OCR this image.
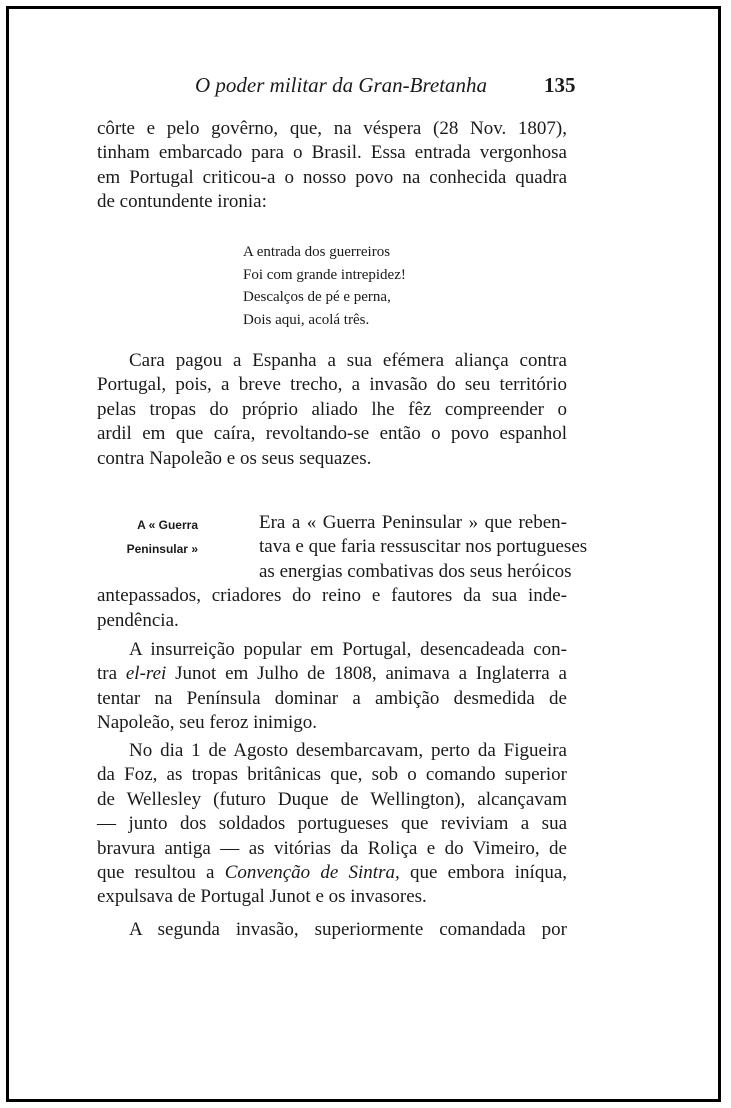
O poder militar da Gran-Bretanha	135

côrte e pelo govêrno, que, na véspera (28 Nov. 1807),
tinham embarcado para o Brasil. Essa entrada vergonhosa
em Portugal criticou-a o nosso povo na conhecida quadra
de contundente ironia:

A entrada dos guerreiros
Foi com grande intrepidez!
Descalços de pé e perna,
Dois aqui, acolá três.

Cara pagou a Espanha a sua efémera aliança contra
Portugal, pois, a breve trecho, a invasão do seu território
pelas tropas do próprio aliado lhe fêz compreender o
ardil em que caíra, revoltando-se então o povo espanhol
contra Napoleão e os seus sequazes.

A « Guerra
Peninsular »

Era a « Guerra Peninsular » que reben-
tava e que faria ressuscitar nos portugueses
as energias combativas dos seus heróicos
antepassados, criadores do reino e fautores da sua inde-
pendência.

A insurreição popular em Portugal, desencadeada con-
tra el-rei Junot em Julho de 1808, animava a Inglaterra a
tentar na Península dominar a ambição desmedida de
Napoleão, seu feroz inimigo.

No dia 1 de Agosto desembarcavam, perto da Figueira
da Foz, as tropas britânicas que, sob o comando superior
de Wellesley (futuro Duque de Wellington), alcançavam
— junto dos soldados portugueses que reviviam a sua
bravura antiga — as vitórias da Roliça e do Vimeiro, de
que resultou a Convenção de Sintra, que embora iníqua,
expulsava de Portugal Junot e os invasores.

A segunda invasão, superiormente comandada por
